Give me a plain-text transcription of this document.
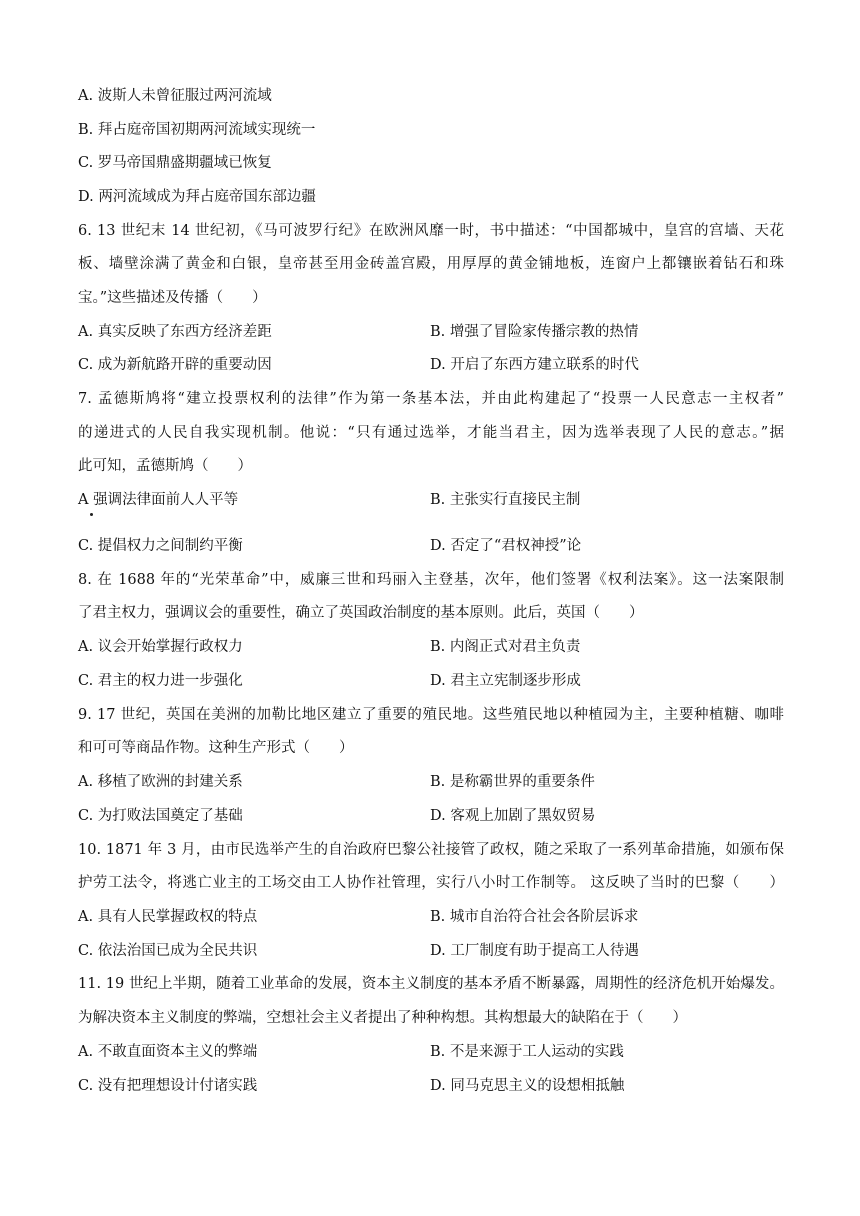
A. 波斯人未曾征服过两河流域
B. 拜占庭帝国初期两河流域实现统一
C. 罗马帝国鼎盛期疆域已恢复
D. 两河流域成为拜占庭帝国东部边疆
6. 13 世纪末 14 世纪初，《马可波罗行纪》在欧洲风靡一时，书中描述：“中国都城中，皇宫的宫墙、天花
板、墙壁涂满了黄金和白银，皇帝甚至用金砖盖宫殿，用厚厚的黄金铺地板，连窗户上都镶嵌着钻石和珠
宝。”这些描述及传播（　　）
A. 真实反映了东西方经济差距	B. 增强了冒险家传播宗教的热情
C. 成为新航路开辟的重要动因	D. 开启了东西方建立联系的时代
7. 孟德斯鸠将“建立投票权利的法律”作为第一条基本法，并由此构建起了“投票一人民意志一主权者”
的递进式的人民自我实现机制。他说：“只有通过选举，才能当君主，因为选举表现了人民的意志。”据
此可知，孟德斯鸠（　　）
A 强调法律面前人人平等	B. 主张实行直接民主制
C. 提倡权力之间制约平衡	D. 否定了“君权神授”论
8. 在 1688 年的“光荣革命”中，威廉三世和玛丽入主登基，次年，他们签署《权利法案》。这一法案限制
了君主权力，强调议会的重要性，确立了英国政治制度的基本原则。此后，英国（　　）
A. 议会开始掌握行政权力	B. 内阁正式对君主负责
C. 君主的权力进一步强化	D. 君主立宪制逐步形成
9. 17 世纪，英国在美洲的加勒比地区建立了重要的殖民地。这些殖民地以种植园为主，主要种植糖、咖啡
和可可等商品作物。这种生产形式（　　）
A. 移植了欧洲的封建关系	B. 是称霸世界的重要条件
C. 为打败法国奠定了基础	D. 客观上加剧了黑奴贸易
10. 1871 年 3 月，由市民选举产生的自治政府巴黎公社接管了政权，随之采取了一系列革命措施，如颁布保
护劳工法令，将逃亡业主的工场交由工人协作社管理，实行八小时工作制等。 这反映了当时的巴黎（　　）
A. 具有人民掌握政权的特点	B. 城市自治符合社会各阶层诉求
C. 依法治国已成为全民共识	D. 工厂制度有助于提高工人待遇
11. 19 世纪上半期，随着工业革命的发展，资本主义制度的基本矛盾不断暴露，周期性的经济危机开始爆发。
为解决资本主义制度的弊端，空想社会主义者提出了种种构想。其构想最大的缺陷在于（　　）
A. 不敢直面资本主义的弊端	B. 不是来源于工人运动的实践
C. 没有把理想设计付诸实践	D. 同马克思主义的设想相抵触
